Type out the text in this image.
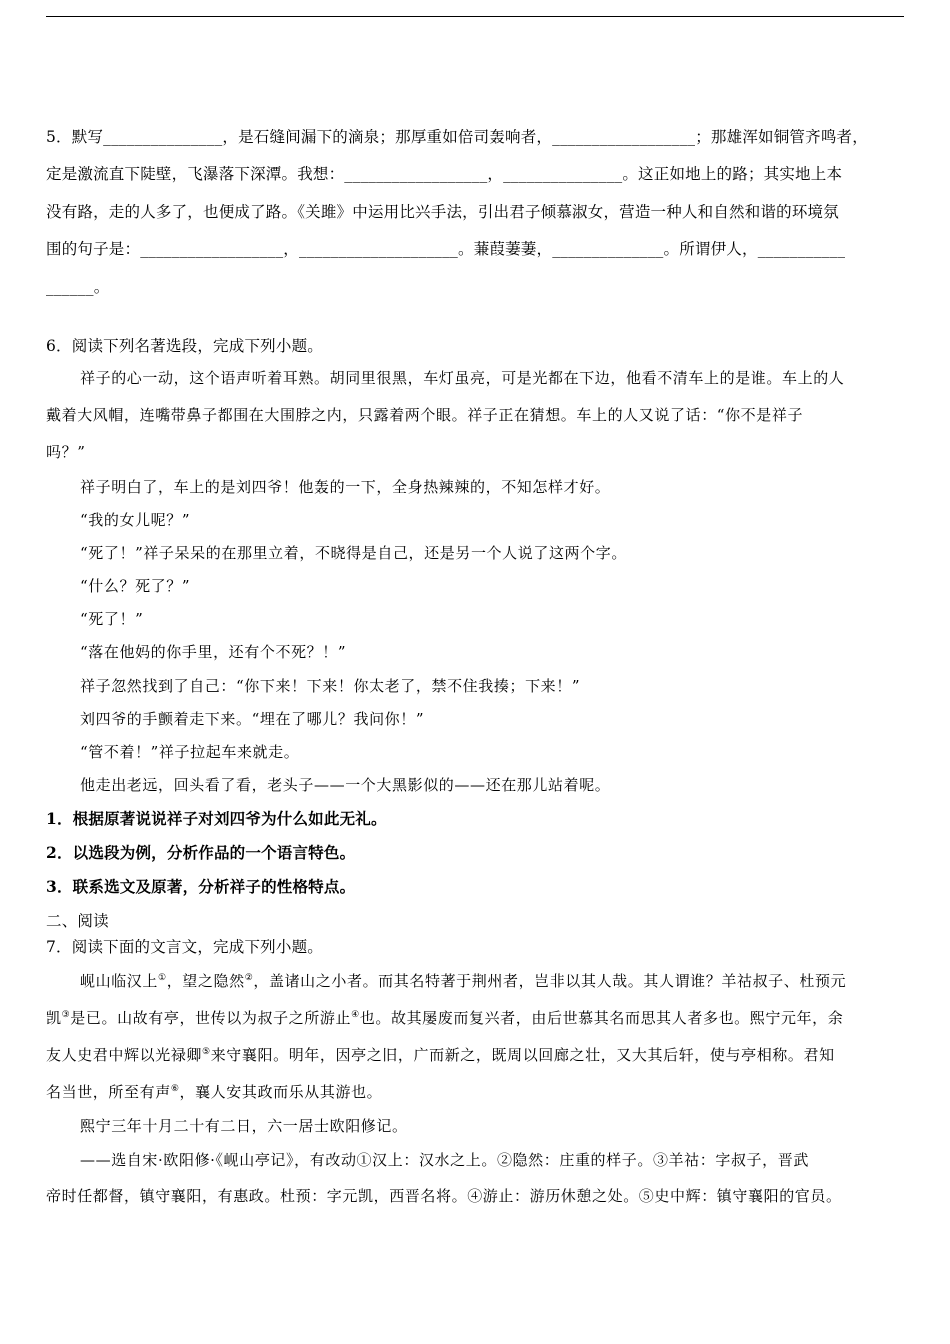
5．默写_______________，是石缝间漏下的滴泉；那厚重如倍司轰响者，__________________；那雄浑如铜管齐鸣者，
定是激流直下陡壁，飞瀑落下深潭。我想：__________________，_______________。这正如地上的路；其实地上本
没有路，走的人多了，也便成了路。《关雎》中运用比兴手法，引出君子倾慕淑女，营造一种人和自然和谐的环境氛
围的句子是：__________________，____________________。蒹葭萋萋，______________。所谓伊人，___________
______。
6．阅读下列名著选段，完成下列小题。
祥子的心一动，这个语声听着耳熟。胡同里很黑，车灯虽亮，可是光都在下边，他看不清车上的是谁。车上的人
戴着大风帽，连嘴带鼻子都围在大围脖之内，只露着两个眼。祥子正在猜想。车上的人又说了话：“你不是祥子
吗？”
祥子明白了，车上的是刘四爷！他轰的一下，全身热辣辣的，不知怎样才好。
“我的女儿呢？”
“死了！”祥子呆呆的在那里立着，不晓得是自己，还是另一个人说了这两个字。
“什么？死了？”
“死了！”
“落在他妈的你手里，还有个不死？！”
祥子忽然找到了自己：“你下来！下来！你太老了，禁不住我揍；下来！”
刘四爷的手颤着走下来。“埋在了哪儿？我问你！”
“管不着！”祥子拉起车来就走。
他走出老远，回头看了看，老头子——一个大黑影似的——还在那儿站着呢。
1．根据原著说说祥子对刘四爷为什么如此无礼。
2．以选段为例，分析作品的一个语言特色。
3．联系选文及原著，分析祥子的性格特点。
二、阅读
7．阅读下面的文言文，完成下列小题。
岘山临汉上①，望之隐然②，盖诸山之小者。而其名特著于荆州者，岂非以其人哉。其人谓谁？羊祜叔子、杜预元
凯③是已。山故有亭，世传以为叔子之所游止④也。故其屡废而复兴者，由后世慕其名而思其人者多也。熙宁元年，余
友人史君中辉以光禄卿⑤来守襄阳。明年，因亭之旧，广而新之，既周以回廊之壮，又大其后轩，使与亭相称。君知
名当世，所至有声⑥，襄人安其政而乐从其游也。
熙宁三年十月二十有二日，六一居士欧阳修记。
——选自宋·欧阳修·《岘山亭记》，有改动①汉上：汉水之上。②隐然：庄重的样子。③羊祜：字叔子，晋武
帝时任都督，镇守襄阳，有惠政。杜预：字元凯，西晋名将。④游止：游历休憩之处。⑤史中辉：镇守襄阳的官员。
